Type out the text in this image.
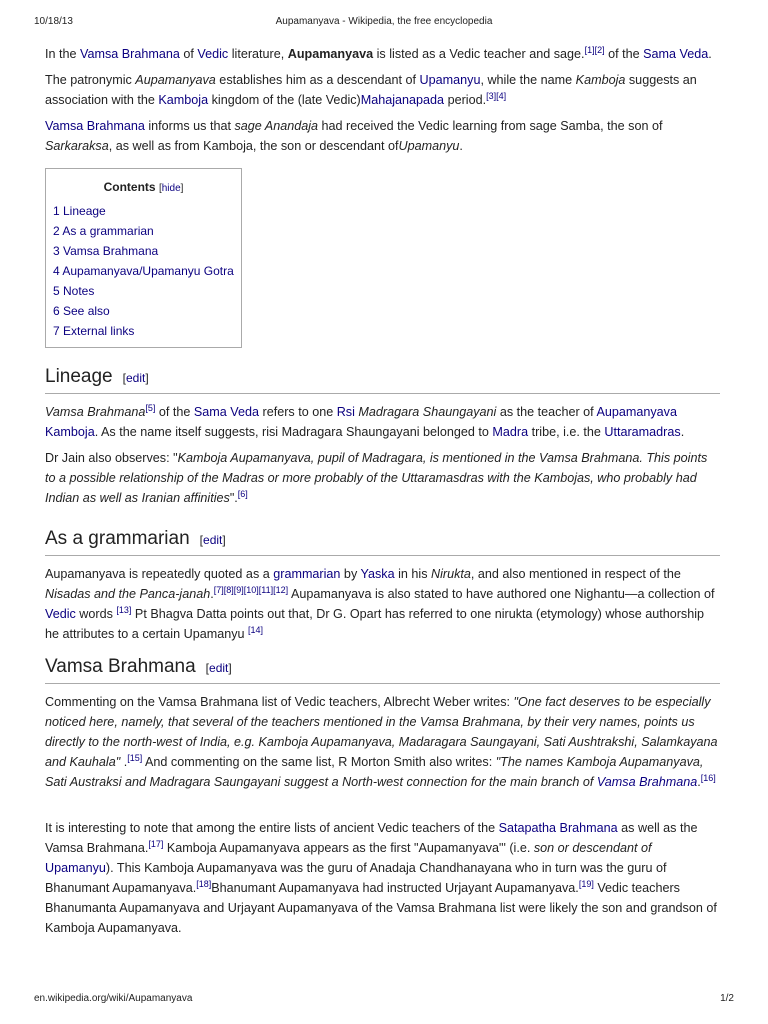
10/18/13	Aupamanyava - Wikipedia, the free encyclopedia

In the Vamsa Brahmana of Vedic literature, Aupamanyava is listed as a Vedic teacher and sage.[1][2] of the Sama Veda.

The patronymic Aupamanyava establishes him as a descendant of Upamanyu, while the name Kamboja suggests an association with the Kamboja kingdom of the (late Vedic)Mahajanapada period.[3][4]

Vamsa Brahmana informs us that sage Anandaja had received the Vedic learning from sage Samba, the son of Sarkaraksa, as well as from Kamboja, the son or descendant ofUpamanyu.

Contents [hide]
1 Lineage
2 As a grammarian
3 Vamsa Brahmana
4 Aupamanyava/Upamanyu Gotra
5 Notes
6 See also
7 External links
Lineage [edit]

Vamsa Brahmana[5] of the Sama Veda refers to one Rsi Madragara Shaungayani as the teacher of Aupamanyava Kamboja. As the name itself suggests, risi Madragara Shaungayani belonged to Madra tribe, i.e. the Uttaramadras.

Dr Jain also observes: "Kamboja Aupamanyava, pupil of Madragara, is mentioned in the Vamsa Brahmana. This points to a possible relationship of the Madras or more probably of the Uttaramasdras with the Kambojas, who probably had Indian as well as Iranian affinities".[6]

As a grammarian [edit]

Aupamanyava is repeatedly quoted as a grammarian by Yaska in his Nirukta, and also mentioned in respect of the Nisadas and the Panca-janah.[7][8][9][10][11][12] Aupamanyava is also stated to have authored one Nighantu—a collection of Vedic words [13] Pt Bhagva Datta points out that, Dr G. Opart has referred to one nirukta (etymology) whose authorship he attributes to a certain Upamanyu [14]

Vamsa Brahmana [edit]

Commenting on the Vamsa Brahmana list of Vedic teachers, Albrecht Weber writes: "One fact deserves to be especially noticed here, namely, that several of the teachers mentioned in the Vamsa Brahmana, by their very names, points us directly to the north-west of India, e.g. Kamboja Aupamanyava, Madaragara Saungayani, Sati Aushtrakshi, Salamkayana and Kauhala" .[15] And commenting on the same list, R Morton Smith also writes: "The names Kamboja Aupamanyava, Sati Austraksi and Madragara Saungayani suggest a North-west connection for the main branch of Vamsa Brahmana.[16]

It is interesting to note that among the entire lists of ancient Vedic teachers of the Satapatha Brahmana as well as the Vamsa Brahmana.[17] Kamboja Aupamanyava appears as the first "Aupamanyava"' (i.e. son or descendant of Upamanyu). This Kamboja Aupamanyava was the guru of Anadaja Chandhanayana who in turn was the guru of Bhanumant Aupamanyava.[18]Bhanumant Aupamanyava had instructed Urjayant Aupamanyava.[19] Vedic teachers Bhanumanta Aupamanyava and Urjayant Aupamanyava of the Vamsa Brahmana list were likely the son and grandson of Kamboja Aupamanyava.

en.wikipedia.org/wiki/Aupamanyava	1/2
